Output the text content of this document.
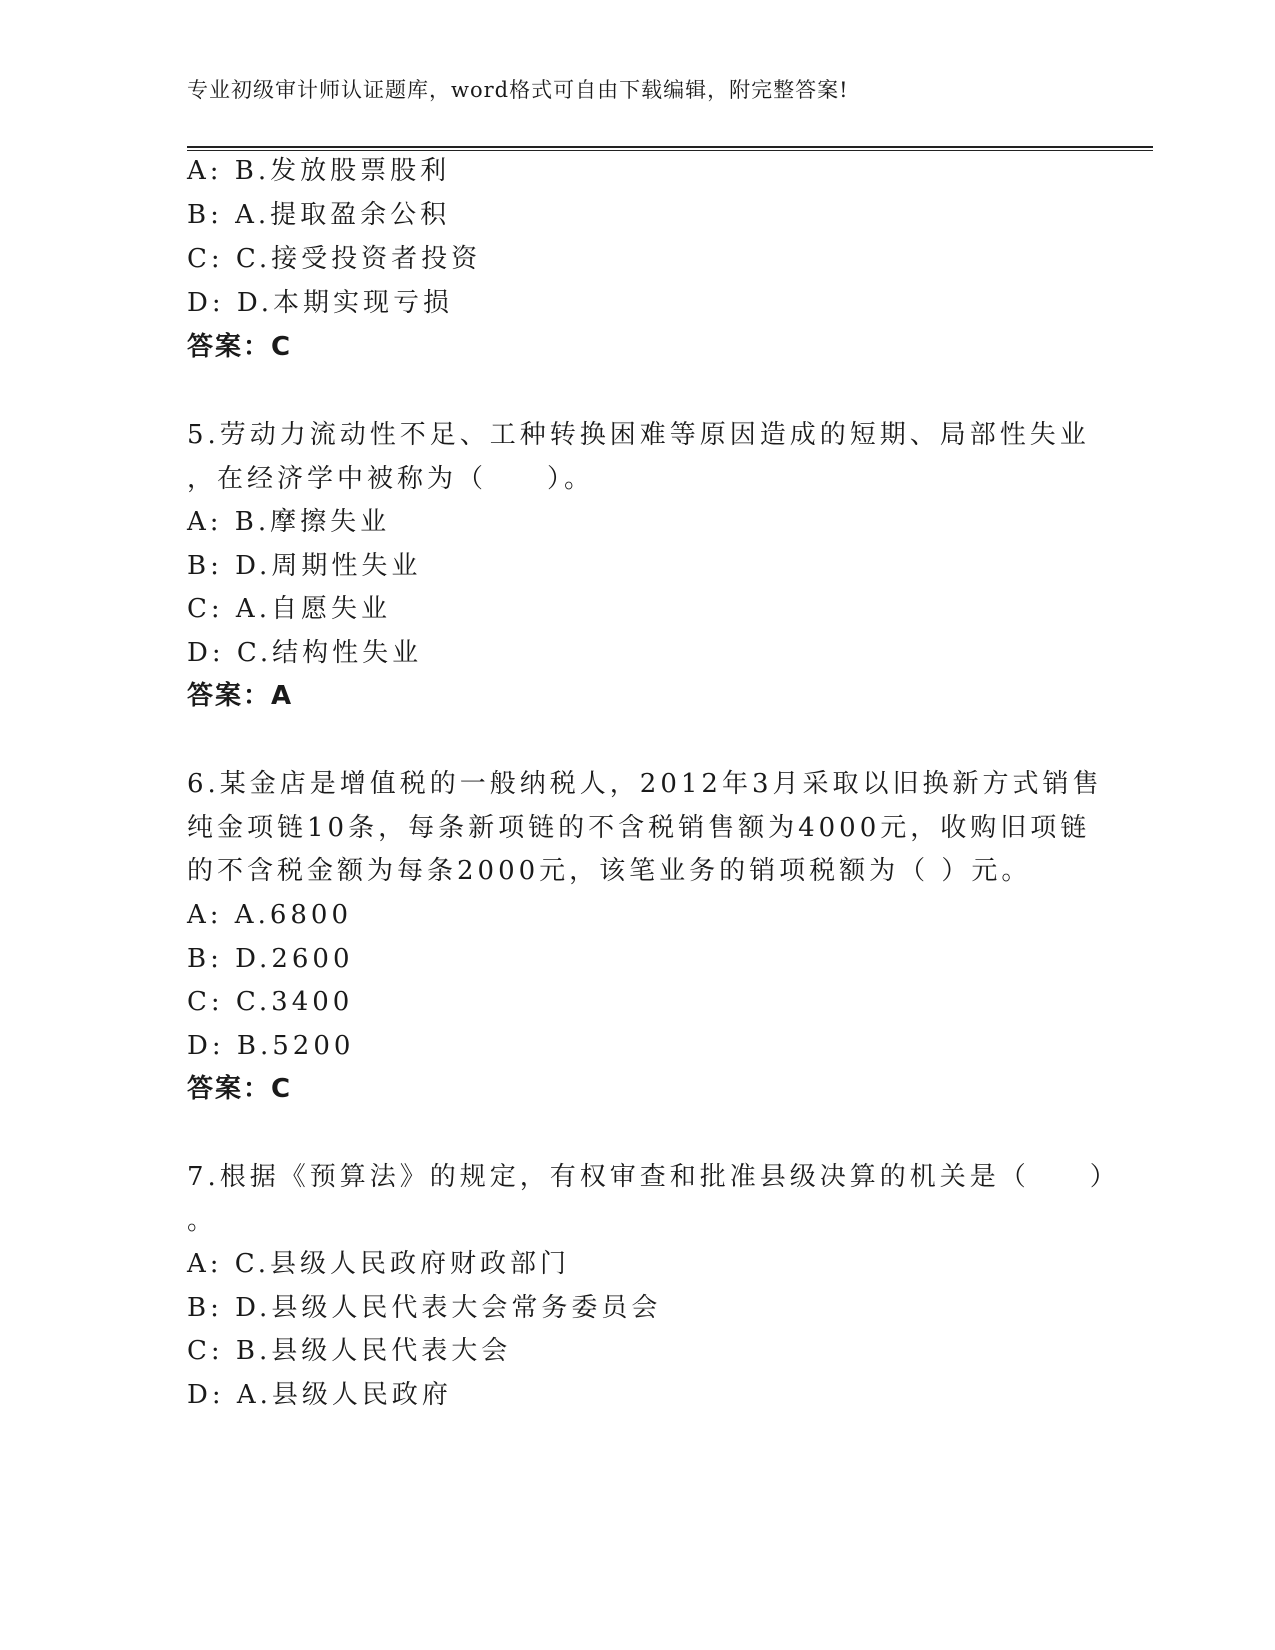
专业初级审计师认证题库，word格式可自由下载编辑，附完整答案!
A: B.发放股票股利
B: A.提取盈余公积
C: C.接受投资者投资
D: D.本期实现亏损
答案：C
5.劳动力流动性不足、工种转换困难等原因造成的短期、局部性失业
，在经济学中被称为（　　）。
A: B.摩擦失业
B: D.周期性失业
C: A.自愿失业
D: C.结构性失业
答案：A
6.某金店是增值税的一般纳税人，2012年3月采取以旧换新方式销售
纯金项链10条，每条新项链的不含税销售额为4000元，收购旧项链
的不含税金额为每条2000元，该笔业务的销项税额为（ ）元。
A: A.6800
B: D.2600
C: C.3400
D: B.5200
答案：C
7.根据《预算法》的规定，有权审查和批准县级决算的机关是（　　）
。
A: C.县级人民政府财政部门
B: D.县级人民代表大会常务委员会
C: B.县级人民代表大会
D: A.县级人民政府
